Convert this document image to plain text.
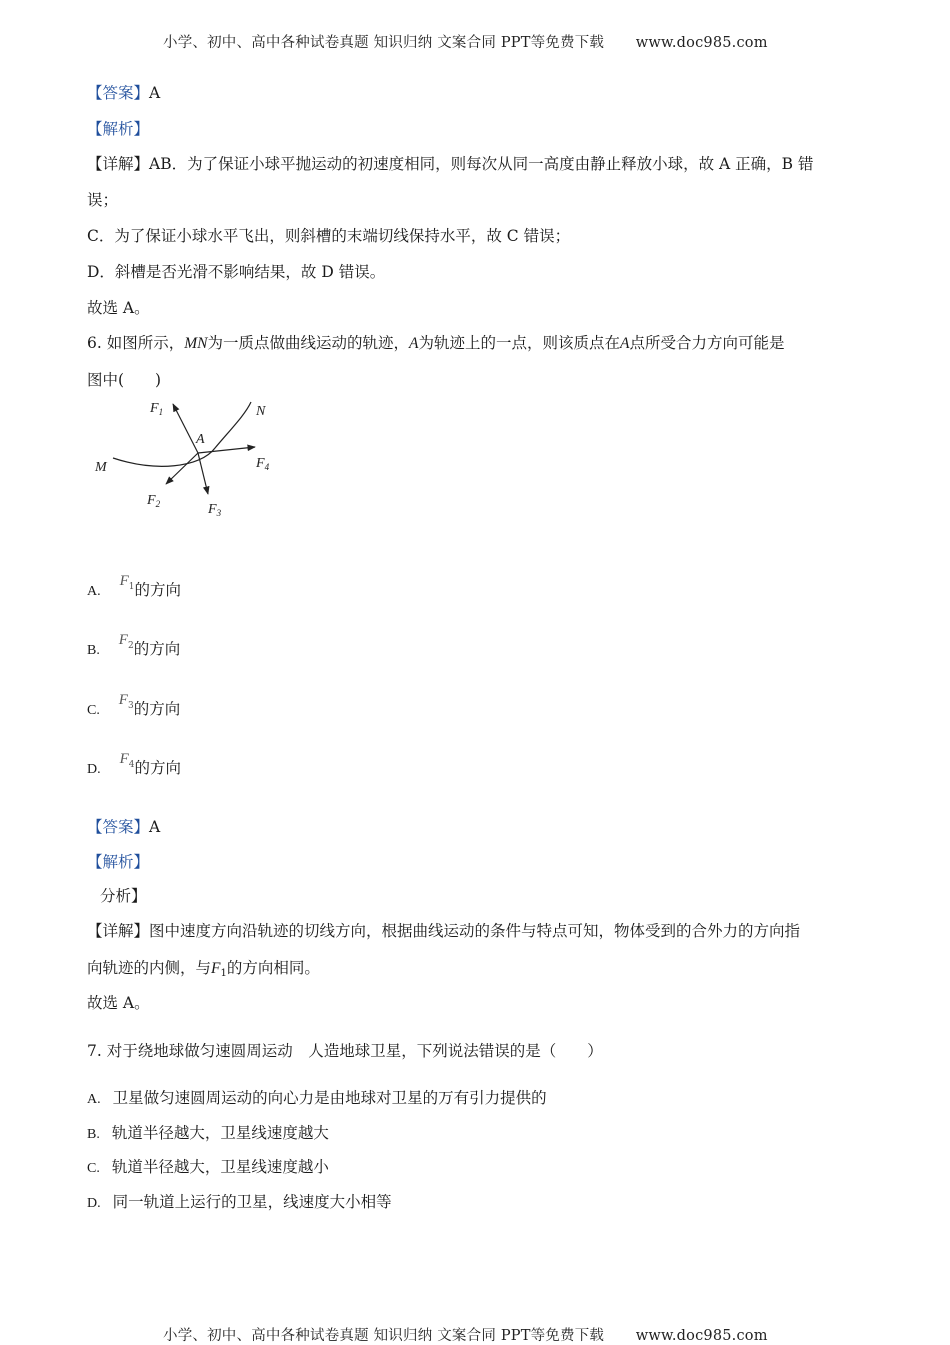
小学、初中、高中各种试卷真题 知识归纳 文案合同 PPT等免费下载 www.doc985.com
【答案】A
【解析】
【详解】AB．为了保证小球平抛运动的初速度相同，则每次从同一高度由静止释放小球，故 A 正确，B 错
误；
C．为了保证小球水平飞出，则斜槽的末端切线保持水平，故 C 错误；
D．斜槽是否光滑不影响结果，故 D 错误。
故选 A。
6. 如图所示，MN为一质点做曲线运动的轨迹，A为轨迹上的一点，则该质点在A点所受合力方向可能是
图中(　　)
$F_1$
$F_4$
$F_2$	$F_3$
M
N
A
A. $F^1$的方向
B. $F^2$的方向
C. $F^3$的方向
D. $F^4$的方向
【答案】A
【解析】
分析】
【详解】图中速度方向沿轨迹的切线方向，根据曲线运动的条件与特点可知，物体受到的合外力的方向指
向轨迹的内侧，与$F_1$的方向相同。
故选 A。
7. 对于绕地球做匀速圆周运动　人造地球卫星，下列说法错误的是（　　）
A. 卫星做匀速圆周运动的向心力是由地球对卫星的万有引力提供的
B. 轨道半径越大，卫星线速度越大
C. 轨道半径越大，卫星线速度越小
D. 同一轨道上运行的卫星，线速度大小相等
小学、初中、高中各种试卷真题 知识归纳 文案合同 PPT等免费下载 www.doc985.com
